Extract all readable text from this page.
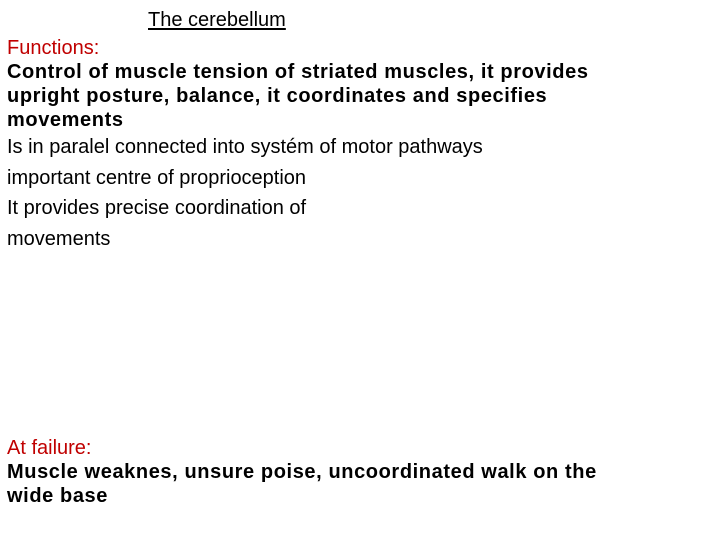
The cerebellum

Functions:

Control of muscle tension of striated muscles, it provides

upright posture, balance, it coordinates and specifies

movements

Is in paralel connected into systém of motor pathways

important centre of proprioception

It provides precise coordination of

movements

At failure:

Muscle weaknes, unsure poise, uncoordinated walk on the

wide base
